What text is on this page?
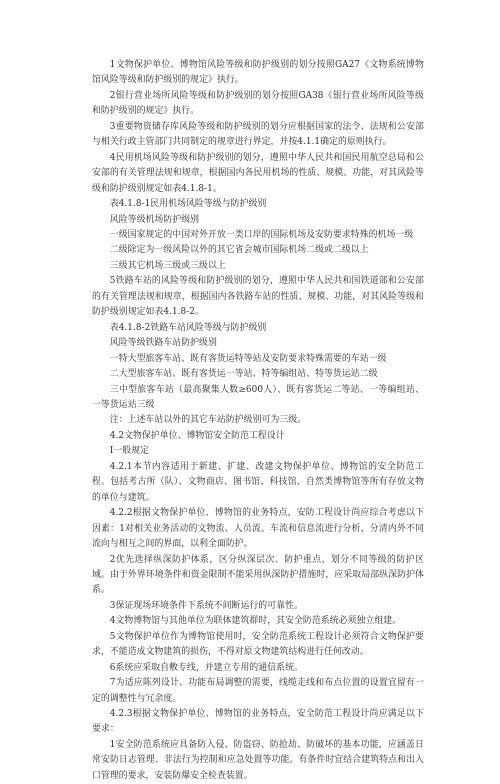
1文物保护单位、博物馆风险等级和防护级别的划分按照GA27《文物系统博物馆风险等级和防护级别的规定》执行。

2银行营业场所风险等级和防护级别的划分按照GA38《银行营业场所风险等级和防护级别的规定》执行。

3重要物资储存库风险等级和防护级别的划分应根据国家的法令、法规和公安部与相关行政主管部门共同制定的规章进行界定，并按4.1.1确定的原则执行。

4民用机场风险等级和防护级别的划分，遵照中华人民共和国民用航空总局和公安部的有关管理法规和规章，根据国内各民用机场的性质、规模、功能，对其风险等级和防护级别规定如表4.1.8-1。

表4.1.8-1民用机场风险等级与防护级别

风险等级机场防护级别

一级国家规定的中国对外开放一类口岸的国际机场及安防要求特殊的机场一级

二级除定为一级风险以外的其它省会城市国际机场二级或二级以上

三级其它机场三级或三级以上

5铁路车站的风险等级和防护级别的划分，遵照中华人民共和国铁道部和公安部的有关管理法规和规章，根据国内各铁路车站的性质、规模、功能，对其风险等级和防护级别规定如表4.1.8-2。

表4.1.8-2铁路车站风险等级与防护级别

风险等级铁路车站防护级别

一特大型旅客车站、既有客货运特等站及安防要求特殊需要的车站一级

二大型旅客车站、既有客货运一等站、特等编组站、特等货运站二级

三中型旅客车站（最高聚集人数≥600人）、既有客货运二等站、一等编组站、一等货运站三级

注：上述车站以外的其它车站防护级别可为三级。

4.2文物保护单位、博物馆安全防范工程设计

Ⅰ一般规定

4.2.1本节内容适用于新建、扩建、改建文物保护单位、博物馆的安全防范工程。包括考古所（队）、文物商店、图书馆、科技馆、自然类博物馆等所有存放文物的单位与建筑。

4.2.2根据文物保护单位、博物馆的业务特点，安防工程设计尚应综合考虑以下因素：1对相关业务活动的文物流、人员流、车流和信息流进行分析，分清内外不同流向与相互之间的界面，以利全面防护。

2优先选择纵深防护体系，区分纵深层次、防护重点，划分不同等级的防护区域。由于外界环境条件和资金限制不能采用纵深防护措施时，应采取局部纵深防护体系。

3保证现场环境条件下系统不间断运行的可靠性。

4文物博物馆与其他单位为联体建筑群时，其安全防范系统必须独立组建。

5文物保护单位作为博物馆使用时，安全防范系统工程设计必须符合文物保护要求，不能造成文物建筑的损伤，不得对原文物建筑结构进行任何改动。

6系统应采取自敷专线，并建立专用的通信系统。

7为适应陈列设计、功能布局调整的需要，线缆走线和布点位置的设置宜留有一定的调整性与冗余度。

4.2.3根据文物保护单位、博物馆的业务特点，安全防范工程设计尚应满足以下要求：

1安全防范系统应具备防入侵、防盗窃、防抢劫、防破坏的基本功能，应涵盖日常安防日志管理、非法行为控制和应急处置等功能。有条件时宜结合建筑特点和出入口管理的要求，安装防爆安全检查装置。
